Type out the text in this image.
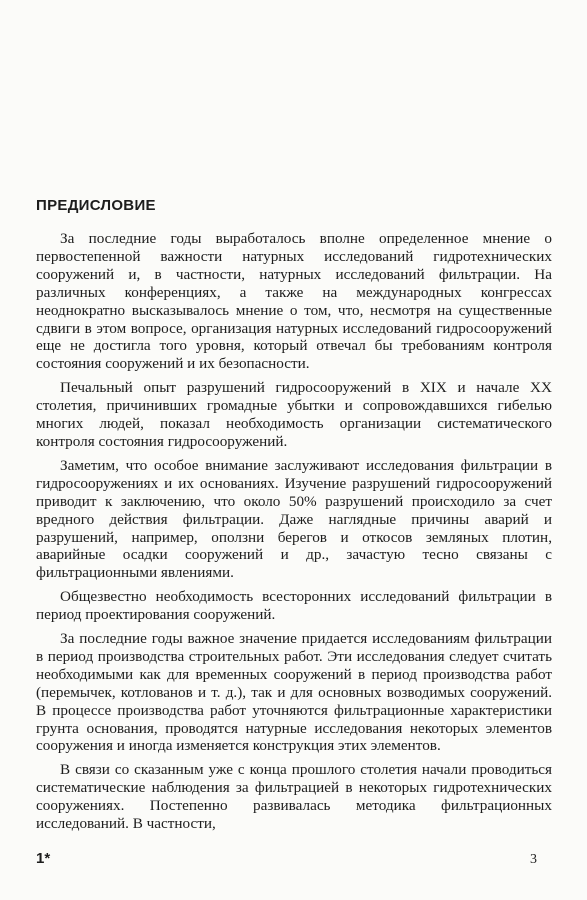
ПРЕДИСЛОВИЕ

За последние годы выработалось вполне определенное мнение о первостепенной важности натурных исследований гидротехнических сооружений и, в частности, натурных исследований фильтрации. На различных конференциях, а также на международных конгрессах неоднократно высказывалось мнение о том, что, несмотря на существенные сдвиги в этом вопросе, организация натурных исследований гидросооружений еще не достигла того уровня, который отвечал бы требованиям контроля состояния сооружений и их безопасности.

Печальный опыт разрушений гидросооружений в XIX и начале XX столетия, причинивших громадные убытки и сопровождавшихся гибелью многих людей, показал необходимость организации систематического контроля состояния гидросооружений.

Заметим, что особое внимание заслуживают исследования фильтрации в гидросооружениях и их основаниях. Изучение разрушений гидросооружений приводит к заключению, что около 50% разрушений происходило за счет вредного действия фильтрации. Даже наглядные причины аварий и разрушений, например, оползни берегов и откосов земляных плотин, аварийные осадки сооружений и др., зачастую тесно связаны с фильтрационными явлениями.

Общезвестно необходимость всесторонних исследований фильтрации в период проектирования сооружений.

За последние годы важное значение придается исследованиям фильтрации в период производства строительных работ. Эти исследования следует считать необходимыми как для временных сооружений в период производства работ (перемычек, котлованов и т. д.), так и для основных возводимых сооружений. В процессе производства работ уточняются фильтрационные характеристики грунта основания, проводятся натурные исследования некоторых элементов сооружения и иногда изменяется конструкция этих элементов.

В связи со сказанным уже с конца прошлого столетия начали проводиться систематические наблюдения за фильтрацией в некоторых гидротехнических сооружениях. Постепенно развивалась методика фильтрационных исследований. В частности,

1*	3
